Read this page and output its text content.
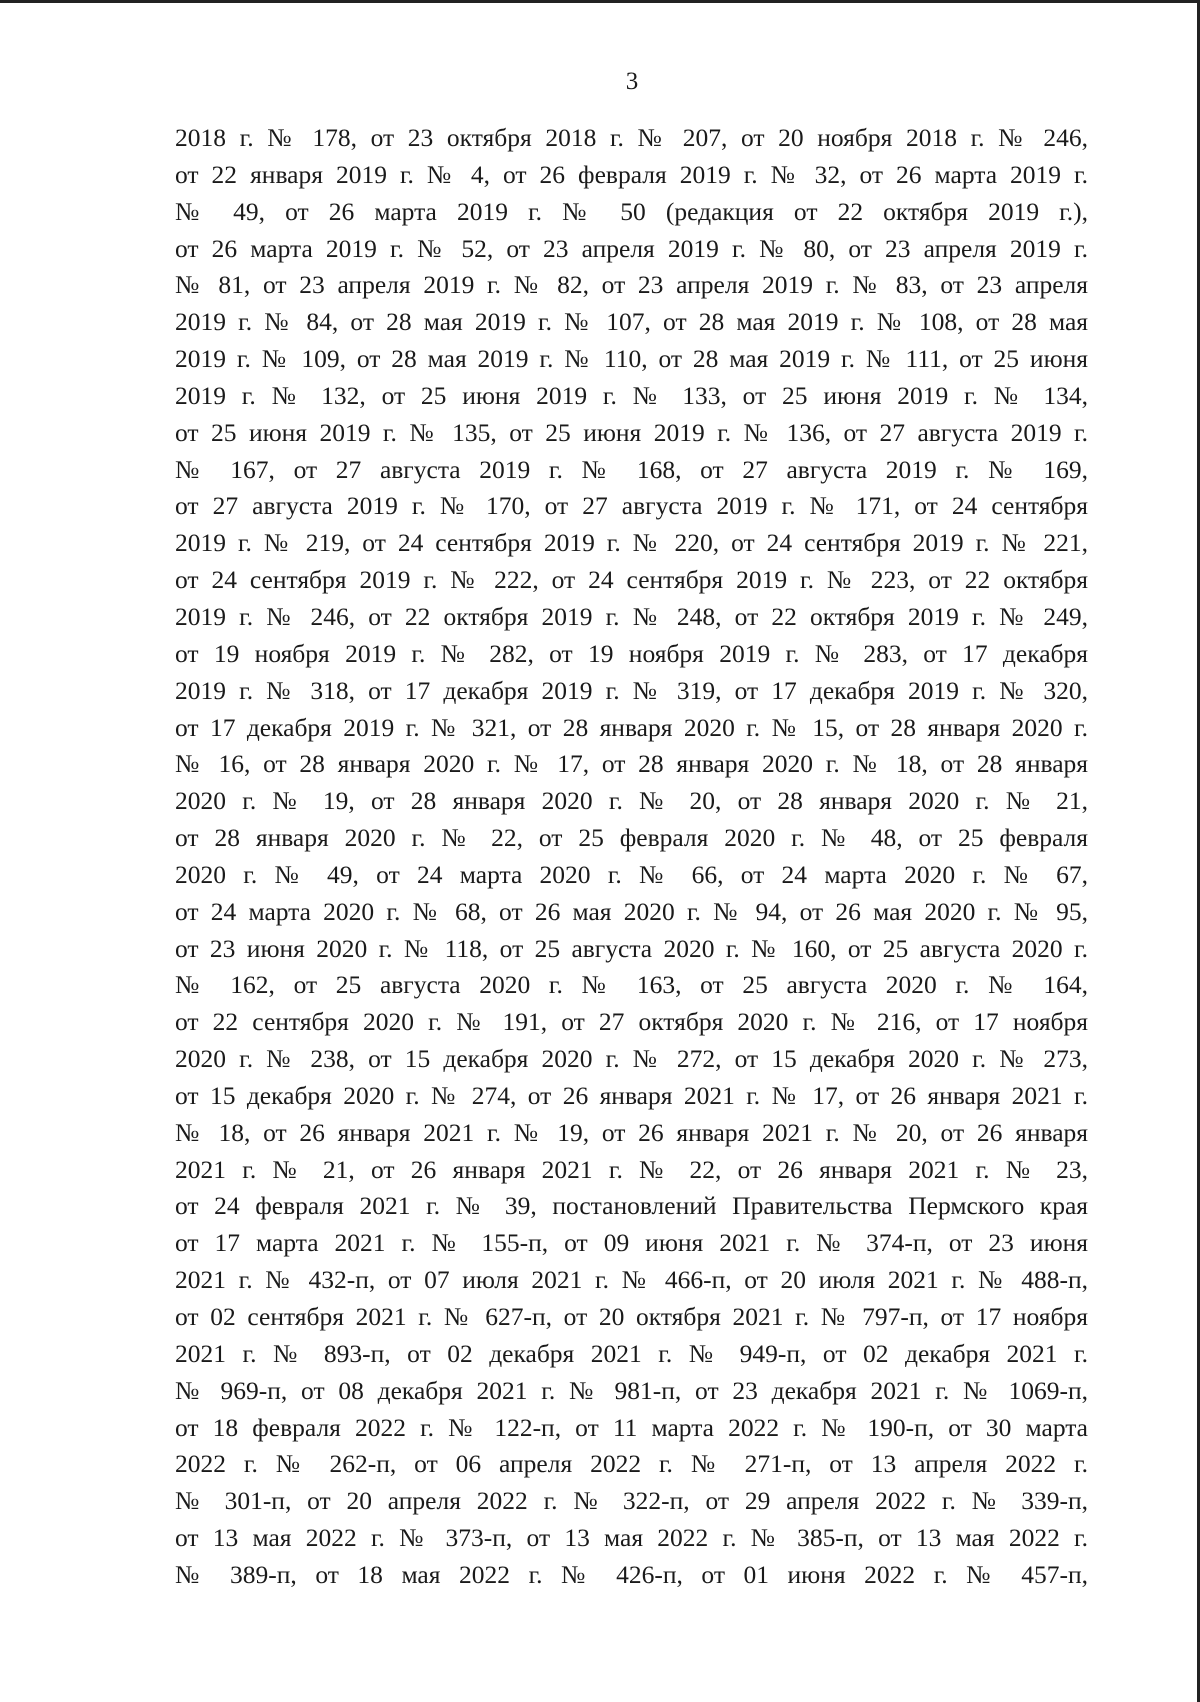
3
2018 г. № 178, от 23 октября 2018 г. № 207, от 20 ноября 2018 г. № 246,
от 22 января 2019 г. № 4, от 26 февраля 2019 г. № 32, от 26 марта 2019 г.
№ 49, от 26 марта 2019 г. № 50 (редакция от 22 октября 2019 г.),
от 26 марта 2019 г. № 52, от 23 апреля 2019 г. № 80, от 23 апреля 2019 г.
№ 81, от 23 апреля 2019 г. № 82, от 23 апреля 2019 г. № 83, от 23 апреля
2019 г. № 84, от 28 мая 2019 г. № 107, от 28 мая 2019 г. № 108, от 28 мая
2019 г. № 109, от 28 мая 2019 г. № 110, от 28 мая 2019 г. № 111, от 25 июня
2019 г. № 132, от 25 июня 2019 г. № 133, от 25 июня 2019 г. № 134,
от 25 июня 2019 г. № 135, от 25 июня 2019 г. № 136, от 27 августа 2019 г.
№ 167, от 27 августа 2019 г. № 168, от 27 августа 2019 г. № 169,
от 27 августа 2019 г. № 170, от 27 августа 2019 г. № 171, от 24 сентября
2019 г. № 219, от 24 сентября 2019 г. № 220, от 24 сентября 2019 г. № 221,
от 24 сентября 2019 г. № 222, от 24 сентября 2019 г. № 223, от 22 октября
2019 г. № 246, от 22 октября 2019 г. № 248, от 22 октября 2019 г. № 249,
от 19 ноября 2019 г. № 282, от 19 ноября 2019 г. № 283, от 17 декабря
2019 г. № 318, от 17 декабря 2019 г. № 319, от 17 декабря 2019 г. № 320,
от 17 декабря 2019 г. № 321, от 28 января 2020 г. № 15, от 28 января 2020 г.
№ 16, от 28 января 2020 г. № 17, от 28 января 2020 г. № 18, от 28 января
2020 г. № 19, от 28 января 2020 г. № 20, от 28 января 2020 г. № 21,
от 28 января 2020 г. № 22, от 25 февраля 2020 г. № 48, от 25 февраля
2020 г. № 49, от 24 марта 2020 г. № 66, от 24 марта 2020 г. № 67,
от 24 марта 2020 г. № 68, от 26 мая 2020 г. № 94, от 26 мая 2020 г. № 95,
от 23 июня 2020 г. № 118, от 25 августа 2020 г. № 160, от 25 августа 2020 г.
№ 162, от 25 августа 2020 г. № 163, от 25 августа 2020 г. № 164,
от 22 сентября 2020 г. № 191, от 27 октября 2020 г. № 216, от 17 ноября
2020 г. № 238, от 15 декабря 2020 г. № 272, от 15 декабря 2020 г. № 273,
от 15 декабря 2020 г. № 274, от 26 января 2021 г. № 17, от 26 января 2021 г.
№ 18, от 26 января 2021 г. № 19, от 26 января 2021 г. № 20, от 26 января
2021 г. № 21, от 26 января 2021 г. № 22, от 26 января 2021 г. № 23,
от 24 февраля 2021 г. № 39, постановлений Правительства Пермского края
от 17 марта 2021 г. № 155-п, от 09 июня 2021 г. № 374-п, от 23 июня
2021 г. № 432-п, от 07 июля 2021 г. № 466-п, от 20 июля 2021 г. № 488-п,
от 02 сентября 2021 г. № 627-п, от 20 октября 2021 г. № 797-п, от 17 ноября
2021 г. № 893-п, от 02 декабря 2021 г. № 949-п, от 02 декабря 2021 г.
№ 969-п, от 08 декабря 2021 г. № 981-п, от 23 декабря 2021 г. № 1069-п,
от 18 февраля 2022 г. № 122-п, от 11 марта 2022 г. № 190-п, от 30 марта
2022 г. № 262-п, от 06 апреля 2022 г. № 271-п, от 13 апреля 2022 г.
№ 301-п, от 20 апреля 2022 г. № 322-п, от 29 апреля 2022 г. № 339-п,
от 13 мая 2022 г. № 373-п, от 13 мая 2022 г. № 385-п, от 13 мая 2022 г.
№ 389-п, от 18 мая 2022 г. № 426-п, от 01 июня 2022 г. № 457-п,
